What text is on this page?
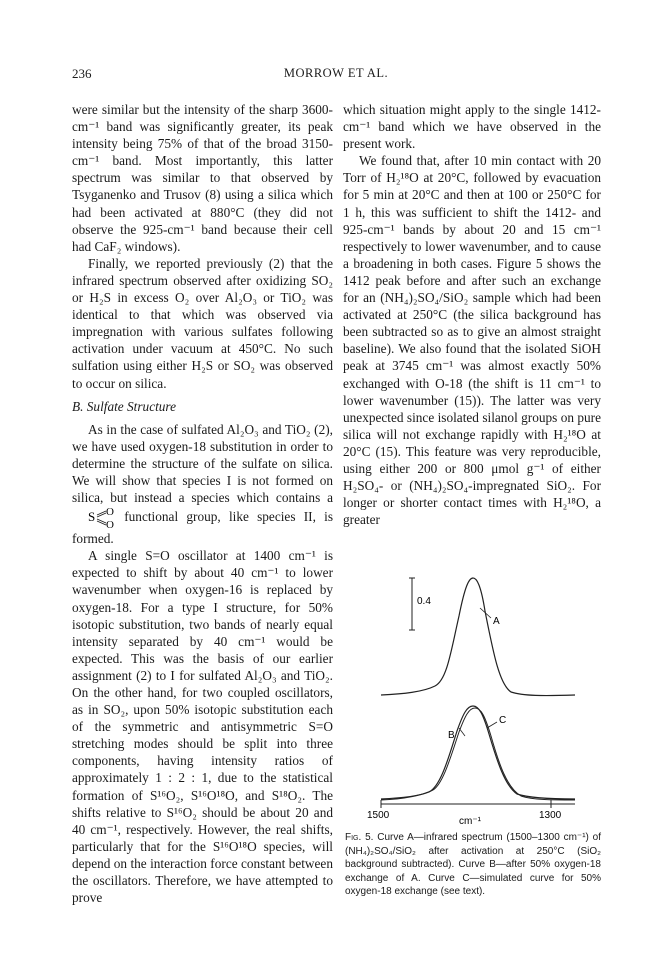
236	MORROW ET AL.

were similar but the intensity of the sharp 3600-cm⁻¹ band was significantly greater, its peak intensity being 75% of that of the broad 3150-cm⁻¹ band. Most importantly, this latter spectrum was similar to that observed by Tsyganenko and Trusov (8) using a silica which had been activated at 880°C (they did not observe the 925-cm⁻¹ band because their cell had CaF₂ windows).

Finally, we reported previously (2) that the infrared spectrum observed after oxidizing SO₂ or H₂S in excess O₂ over Al₂O₃ or TiO₂ was identical to that which was observed via impregnation with various sulfates following activation under vacuum at 450°C. No such sulfation using either H₂S or SO₂ was observed to occur on silica.

B. Sulfate Structure

As in the case of sulfated Al₂O₃ and TiO₂ (2), we have used oxygen-18 substitution in order to determine the structure of the sulfate on silica. We will show that species I is not formed on silica, but instead a species which contains a
S O
O
functional group, like species II, is formed.

A single S=O oscillator at 1400 cm⁻¹ is expected to shift by about 40 cm⁻¹ to lower wavenumber when oxygen-16 is replaced by oxygen-18. For a type I structure, for 50% isotopic substitution, two bands of nearly equal intensity separated by 40 cm⁻¹ would be expected. This was the basis of our earlier assignment (2) to I for sulfated Al₂O₃ and TiO₂. On the other hand, for two coupled oscillators, as in SO₂, upon 50% isotopic substitution each of the symmetric and antisymmetric S=O stretching modes should be split into three components, having intensity ratios of approximately 1 : 2 : 1, due to the statistical formation of S¹⁶O₂, S¹⁶O¹⁸O, and S¹⁸O₂. The shifts relative to S¹⁶O₂ should be about 20 and 40 cm⁻¹, respectively. However, the real shifts, particularly that for the S¹⁶O¹⁸O species, will depend on the interaction force constant between the oscillators. Therefore, we have attempted to prove

which situation might apply to the single 1412-cm⁻¹ band which we have observed in the present work.

We found that, after 10 min contact with 20 Torr of H₂¹⁸O at 20°C, followed by evacuation for 5 min at 20°C and then at 100 or 250°C for 1 h, this was sufficient to shift the 1412- and 925-cm⁻¹ bands by about 20 and 15 cm⁻¹ respectively to lower wavenumber, and to cause a broadening in both cases. Figure 5 shows the 1412 peak before and after such an exchange for an (NH₄)₂SO₄/SiO₂ sample which had been activated at 250°C (the silica background has been subtracted so as to give an almost straight baseline). We also found that the isolated SiOH peak at 3745 cm⁻¹ was almost exactly 50% exchanged with O-18 (the shift is 11 cm⁻¹ to lower wavenumber (15)). The latter was very unexpected since isolated silanol groups on pure silica will not exchange rapidly with H₂¹⁸O at 20°C (15). This feature was very reproducible, using either 200 or 800 μmol g⁻¹ of either H₂SO₄- or (NH₄)₂SO₄-impregnated SiO₂. For longer or shorter contact times with H₂¹⁸O, a greater

0.4
A
B
C
1500	1300
cm⁻¹
Fig. 5. Curve A—infrared spectrum (1500–1300 cm⁻¹) of (NH₄)₂SO₄/SiO₂ after activation at 250°C (SiO₂ background subtracted). Curve B—after 50% oxygen-18 exchange of A. Curve C—simulated curve for 50% oxygen-18 exchange (see text).
